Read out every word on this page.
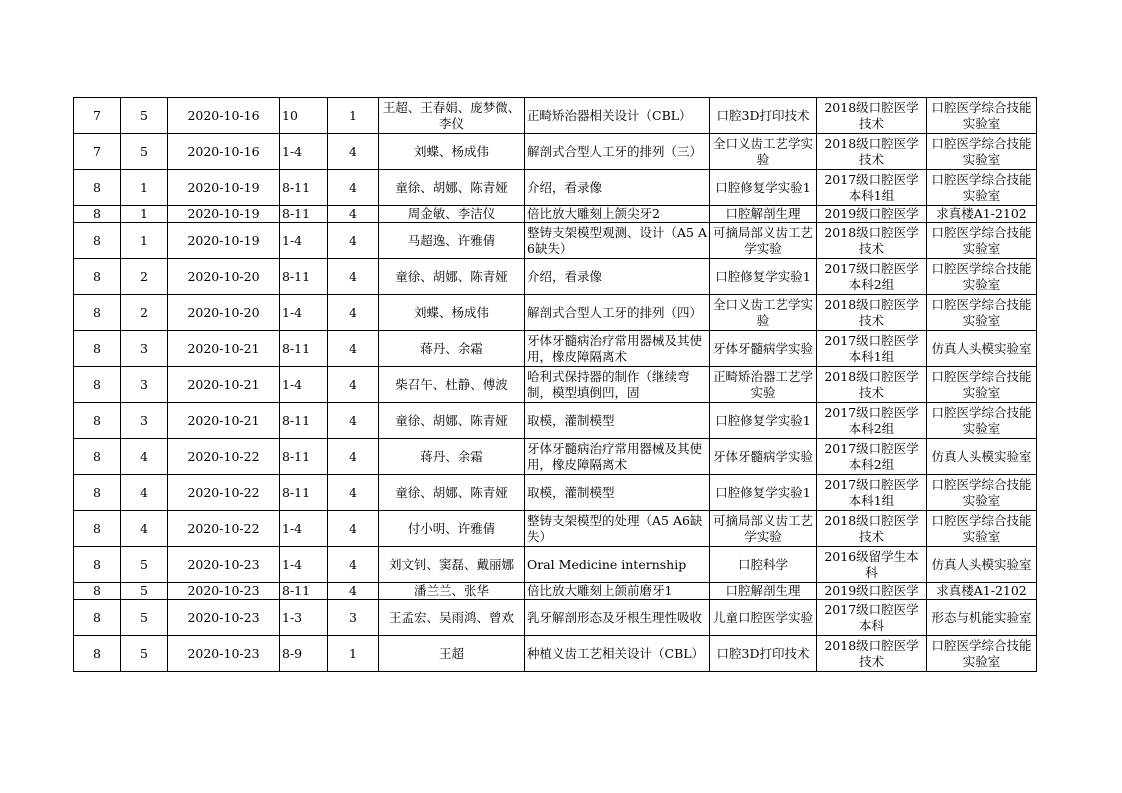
7	5	2020-10-16	10	1	王超、王春娟、庞梦微、李仪	正畸矫治器相关设计（CBL）	口腔3D打印技术	2018级口腔医学技术	口腔医学综合技能实验室
7	5	2020-10-16	1-4	4	刘蝶、杨成伟	解剖式合型人工牙的排列（三）	全口义齿工艺学实验	2018级口腔医学技术	口腔医学综合技能实验室
8	1	2020-10-19	8-11	4	童徐、胡娜、陈青娅	介绍，看录像	口腔修复学实验1	2017级口腔医学本科1组	口腔医学综合技能实验室
8	1	2020-10-19	8-11	4	周金敏、李洁仪	倍比放大雕刻上颌尖牙2	口腔解剖生理	2019级口腔医学	求真楼A1-2102
8	1	2020-10-19	1-4	4	马超逸、许雅倩	整铸支架模型观测、设计（A5 A6缺失）	可摘局部义齿工艺学实验	2018级口腔医学技术	口腔医学综合技能实验室
8	2	2020-10-20	8-11	4	童徐、胡娜、陈青娅	介绍，看录像	口腔修复学实验1	2017级口腔医学本科2组	口腔医学综合技能实验室
8	2	2020-10-20	1-4	4	刘蝶、杨成伟	解剖式合型人工牙的排列（四）	全口义齿工艺学实验	2018级口腔医学技术	口腔医学综合技能实验室
8	3	2020-10-21	8-11	4	蒋丹、余霜	牙体牙髓病治疗常用器械及其使用，橡皮障隔离术	牙体牙髓病学实验	2017级口腔医学本科1组	仿真人头模实验室
8	3	2020-10-21	1-4	4	柴召午、杜静、傅波	哈利式保持器的制作（继续弯制，模型填倒凹，固	正畸矫治器工艺学实验	2018级口腔医学技术	口腔医学综合技能实验室
8	3	2020-10-21	8-11	4	童徐、胡娜、陈青娅	取模，灌制模型	口腔修复学实验1	2017级口腔医学本科2组	口腔医学综合技能实验室
8	4	2020-10-22	8-11	4	蒋丹、余霜	牙体牙髓病治疗常用器械及其使用，橡皮障隔离术	牙体牙髓病学实验	2017级口腔医学本科2组	仿真人头模实验室
8	4	2020-10-22	8-11	4	童徐、胡娜、陈青娅	取模，灌制模型	口腔修复学实验1	2017级口腔医学本科1组	口腔医学综合技能实验室
8	4	2020-10-22	1-4	4	付小明、许雅倩	整铸支架模型的处理（A5 A6缺失）	可摘局部义齿工艺学实验	2018级口腔医学技术	口腔医学综合技能实验室
8	5	2020-10-23	1-4	4	刘文钊、窦磊、戴丽娜	Oral Medicine internship	口腔科学	2016级留学生本科	仿真人头模实验室
8	5	2020-10-23	8-11	4	潘兰兰、张华	倍比放大雕刻上颌前磨牙1	口腔解剖生理	2019级口腔医学	求真楼A1-2102
8	5	2020-10-23	1-3	3	王孟宏、吴雨鸿、曾欢	乳牙解剖形态及牙根生理性吸收	儿童口腔医学实验	2017级口腔医学本科	形态与机能实验室
8	5	2020-10-23	8-9	1	王超	种植义齿工艺相关设计（CBL）	口腔3D打印技术	2018级口腔医学技术	口腔医学综合技能实验室
